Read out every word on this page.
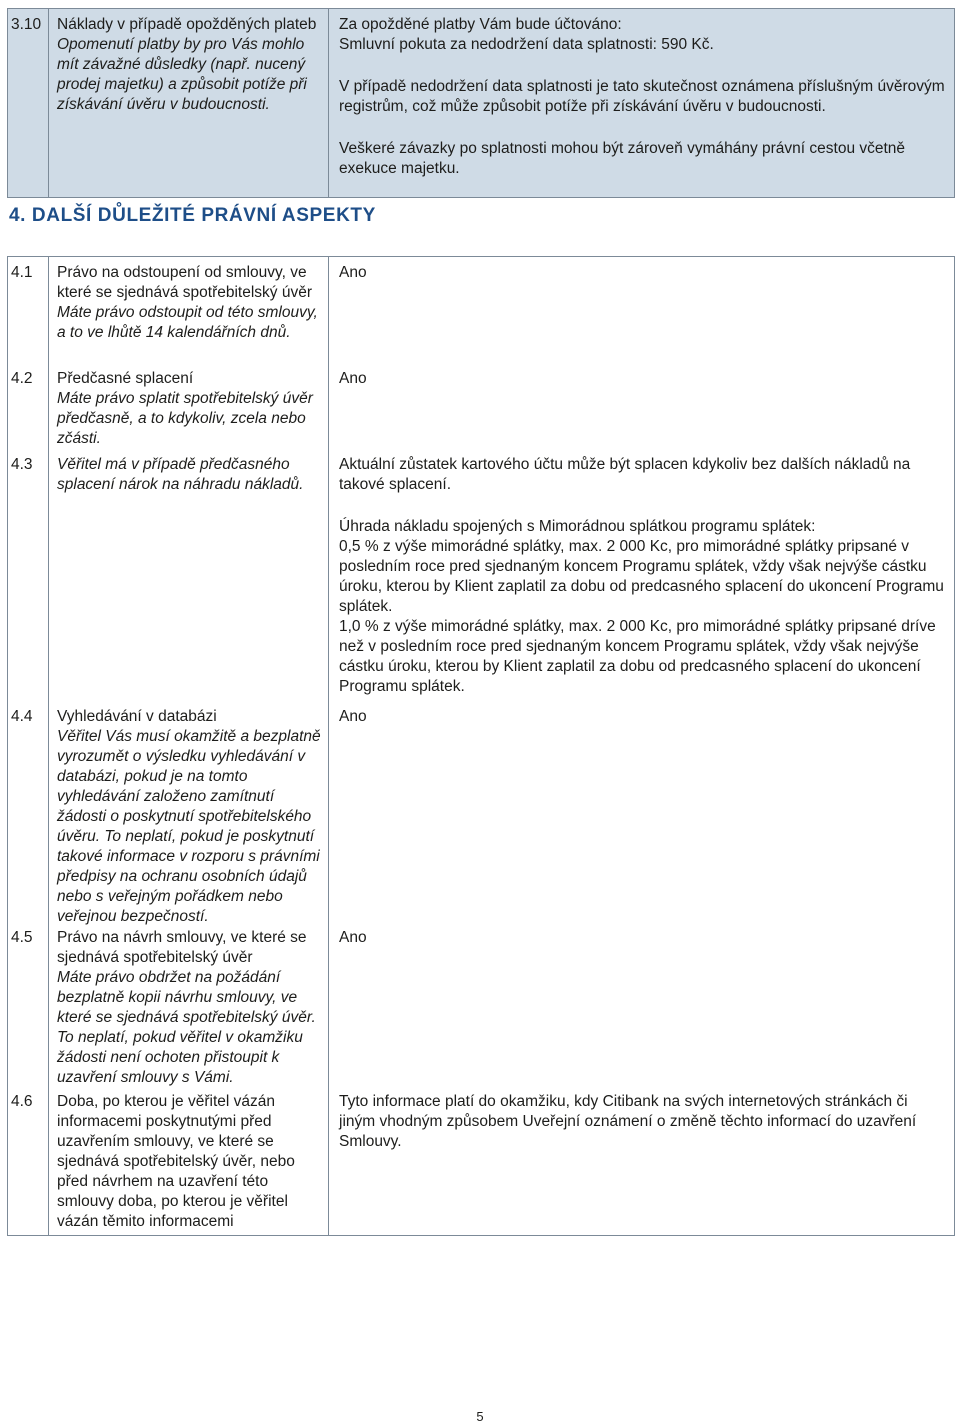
3.10	Náklady v případě opožděných plateb

Opomenutí platby by pro Vás mohlo mít závažné důsledky (např. nucený prodej majetku) a způsobit potíže při získávání úvěru v budoucnosti.

Za opožděné platby Vám bude účtováno:

Smluvní pokuta za nedodržení data splatnosti: 590 Kč.

V případě nedodržení data splatnosti je tato skutečnost oznámena příslušným úvěrovým registrům, což může způsobit potíže při získávání úvěru v budoucnosti.

Veškeré závazky po splatnosti mohou být zároveň vymáhány právní cestou včetně exekuce majetku.

4. DALŠÍ DŮLEŽITÉ PRÁVNÍ ASPEKTY
4.1
4.2
4.3
4.4
4.5
4.6

Právo na odstoupení od smlouvy, ve které se sjednává spotřebitelský úvěr

Máte právo odstoupit od této smlouvy, a to ve lhůtě 14 kalendářních dnů.

Předčasné splacení

Máte právo splatit spotřebitelský úvěr předčasně, a to kdykoliv, zcela nebo zčásti.

Věřitel má v případě předčasného splacení nárok na náhradu nákladů.

Vyhledávání v databázi

Věřitel Vás musí okamžitě a bezplatně vyrozumět o výsledku vyhledávání v databázi, pokud je na tomto vyhledávání založeno zamítnutí žádosti o poskytnutí spotřebitelského úvěru. To neplatí, pokud je poskytnutí takové informace v rozporu s právními předpisy na ochranu osobních údajů nebo s veřejným pořádkem nebo veřejnou bezpečností.

Právo na návrh smlouvy, ve které se sjednává spotřebitelský úvěr

Máte právo obdržet na požádání bezplatně kopii návrhu smlouvy, ve které se sjednává spotřebitelský úvěr. To neplatí, pokud věřitel v okamžiku žádosti není ochoten přistoupit k uzavření smlouvy s Vámi.

Doba, po kterou je věřitel vázán informacemi poskytnutými před uzavřením smlouvy, ve které se sjednává spotřebitelský úvěr, nebo před návrhem na uzavření této smlouvy doba, po kterou je věřitel vázán těmito informacemi

Ano
Ano

Aktuální zůstatek kartového účtu může být splacen kdykoliv bez dalších nákladů na takové splacení.

Úhrada nákladu spojených s Mimorádnou splátkou programu splátek:

0,5 % z výše mimorádné splátky, max. 2 000 Kc, pro mimorádné splátky pripsané v posledním roce pred sjednaným koncem Programu splátek, vždy však nejvýše cástku úroku, kterou by Klient zaplatil za dobu od predcasného splacení do ukoncení Programu splátek.

1,0 % z výše mimorádné splátky, max. 2 000 Kc, pro mimorádné splátky pripsané dríve než v posledním roce pred sjednaným koncem Programu splátek, vždy však nejvýše cástku úroku, kterou by Klient zaplatil za dobu od predcasného splacení do ukoncení Programu splátek.

Ano
Ano
Tyto informace platí do okamžiku, kdy Citibank na svých internetových stránkách či jiným vhodným způsobem Uveřejní oznámení o změně těchto informací do uzavření Smlouvy.
5
